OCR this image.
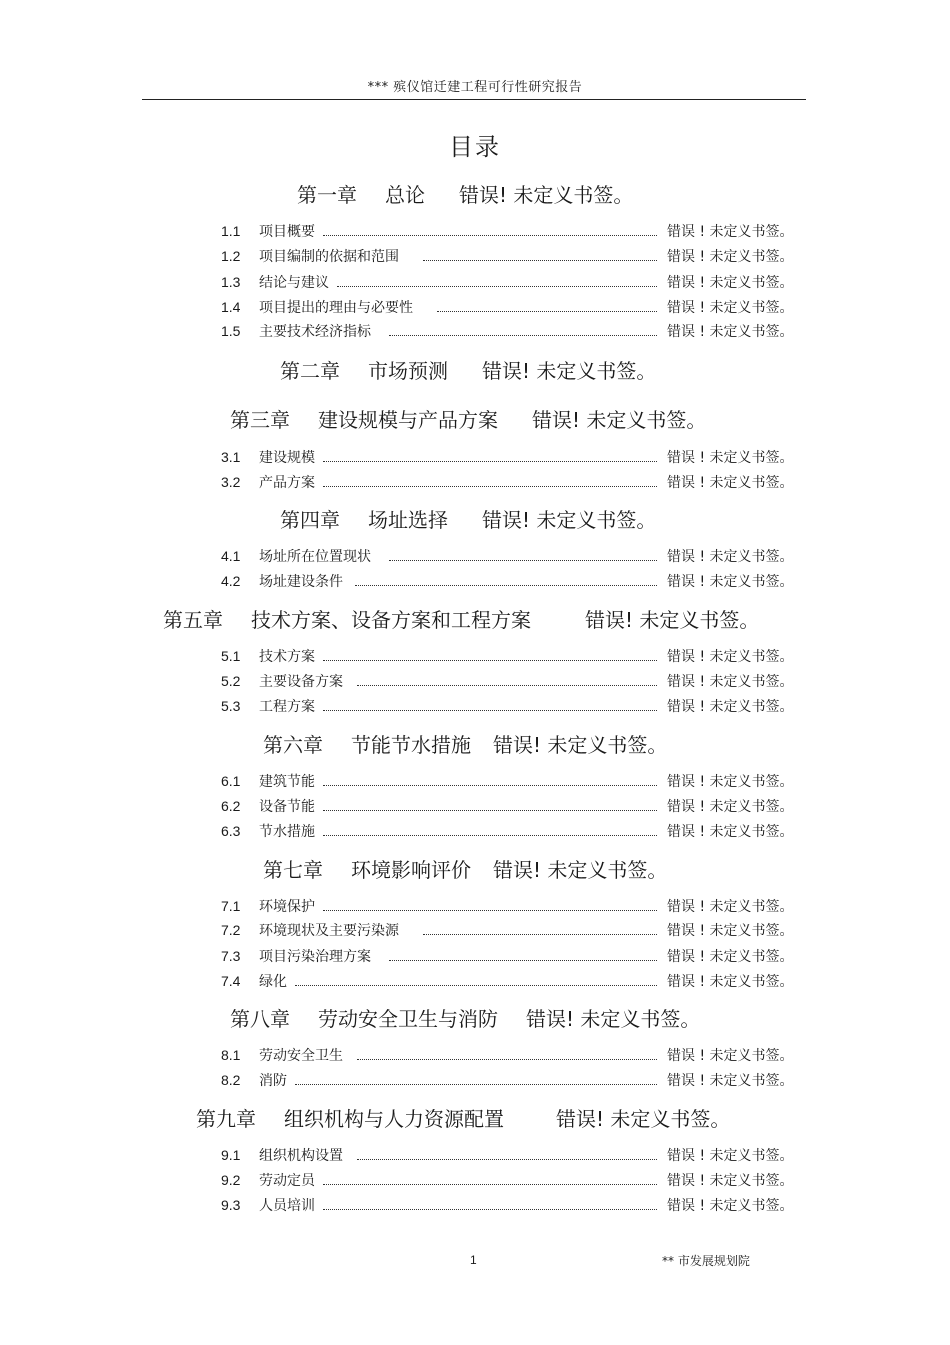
*** 殡仪馆迁建工程可行性研究报告
目录
第一章 总论 错误! 未定义书签。
1.1	项目概要	错误 ! 未定义书签。
1.2	项目编制的依据和范围	错误 ! 未定义书签。
1.3	结论与建议	错误 ! 未定义书签。
1.4	项目提出的理由与必要性	错误 ! 未定义书签。
1.5	主要技术经济指标	错误 ! 未定义书签。
第二章 市场预测 错误! 未定义书签。
第三章 建设规模与产品方案 错误! 未定义书签。
3.1	建设规模	错误 ! 未定义书签。
3.2	产品方案	错误 ! 未定义书签。
第四章 场址选择 错误! 未定义书签。
4.1	场址所在位置现状	错误 ! 未定义书签。
4.2	场址建设条件	错误 ! 未定义书签。
第五章 技术方案、设备方案和工程方案	错误! 未定义书签。
5.1	技术方案	错误 ! 未定义书签。
5.2	主要设备方案	错误 ! 未定义书签。
5.3	工程方案	错误 ! 未定义书签。
第六章 节能节水措施 错误! 未定义书签。
6.1	建筑节能	错误 ! 未定义书签。
6.2	设备节能	错误 ! 未定义书签。
6.3	节水措施	错误 ! 未定义书签。
第七章 环境影响评价 错误! 未定义书签。
7.1	环境保护	错误 ! 未定义书签。
7.2	环境现状及主要污染源	错误 ! 未定义书签。
7.3	项目污染治理方案	错误 ! 未定义书签。
7.4	绿化	错误 ! 未定义书签。
第八章 劳动安全卫生与消防 错误! 未定义书签。
8.1	劳动安全卫生	错误 ! 未定义书签。
8.2	消防	错误 ! 未定义书签。
第九章 组织机构与人力资源配置	错误! 未定义书签。
9.1	组织机构设置	错误 ! 未定义书签。
9.2	劳动定员	错误 ! 未定义书签。
9.3	人员培训	错误 ! 未定义书签。
1	** 市发展规划院
